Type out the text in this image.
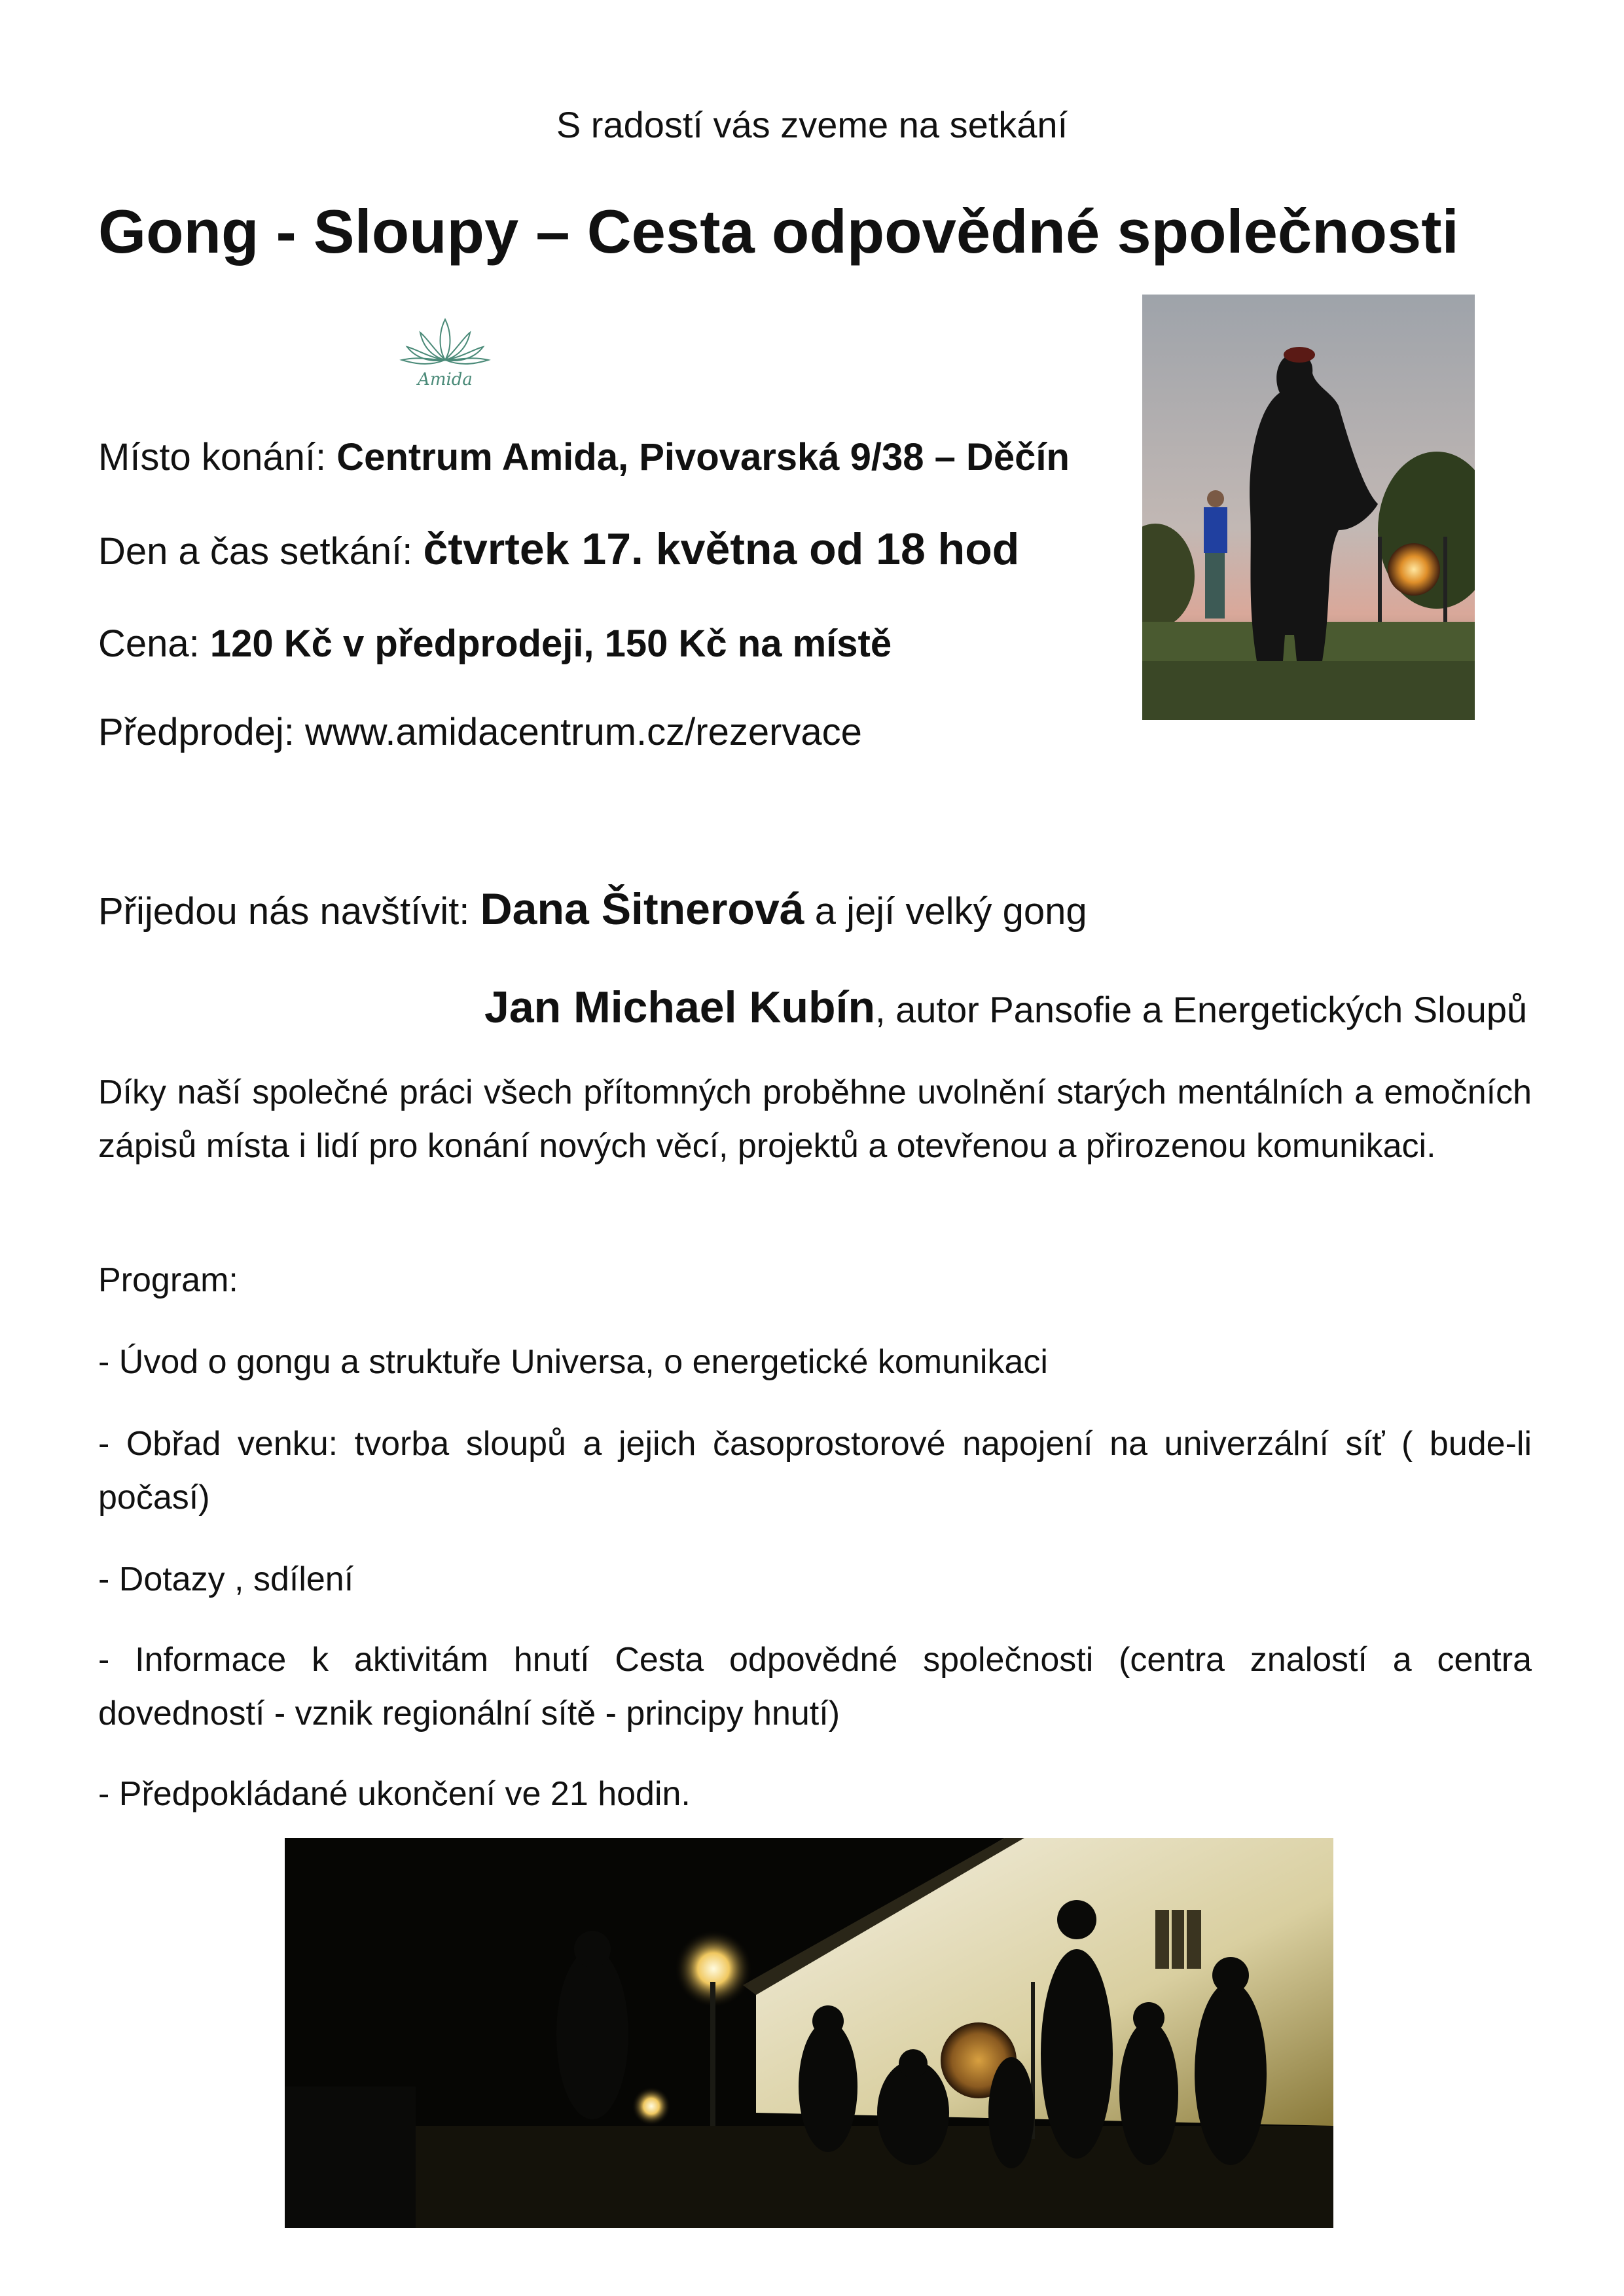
S radostí vás zveme na setkání
Gong - Sloupy – Cesta odpovědné společnosti
Amida
Místo konání: Centrum Amida, Pivovarská 9/38 – Děčín
Den a čas setkání: čtvrtek 17. května od 18 hod
Cena: 120 Kč v předprodeji, 150 Kč na místě
Předprodej: www.amidacentrum.cz/rezervace
Přijedou nás navštívit: Dana Šitnerová a její velký gong
Jan Michael Kubín, autor Pansofie a Energetických Sloupů
Díky naší společné práci všech přítomných proběhne uvolnění starých mentálních a emočních zápisů místa i lidí pro konání nových věcí, projektů a otevřenou a přirozenou komunikaci.
Program:
- Úvod o gongu a struktuře Universa, o energetické komunikaci
- Obřad venku: tvorba sloupů a jejich časoprostorové napojení na univerzální síť ( bude-li počasí)
- Dotazy , sdílení
- Informace k aktivitám hnutí Cesta odpovědné společnosti (centra znalostí a centra dovedností - vznik regionální sítě - principy hnutí)
- Předpokládané ukončení ve 21 hodin.
